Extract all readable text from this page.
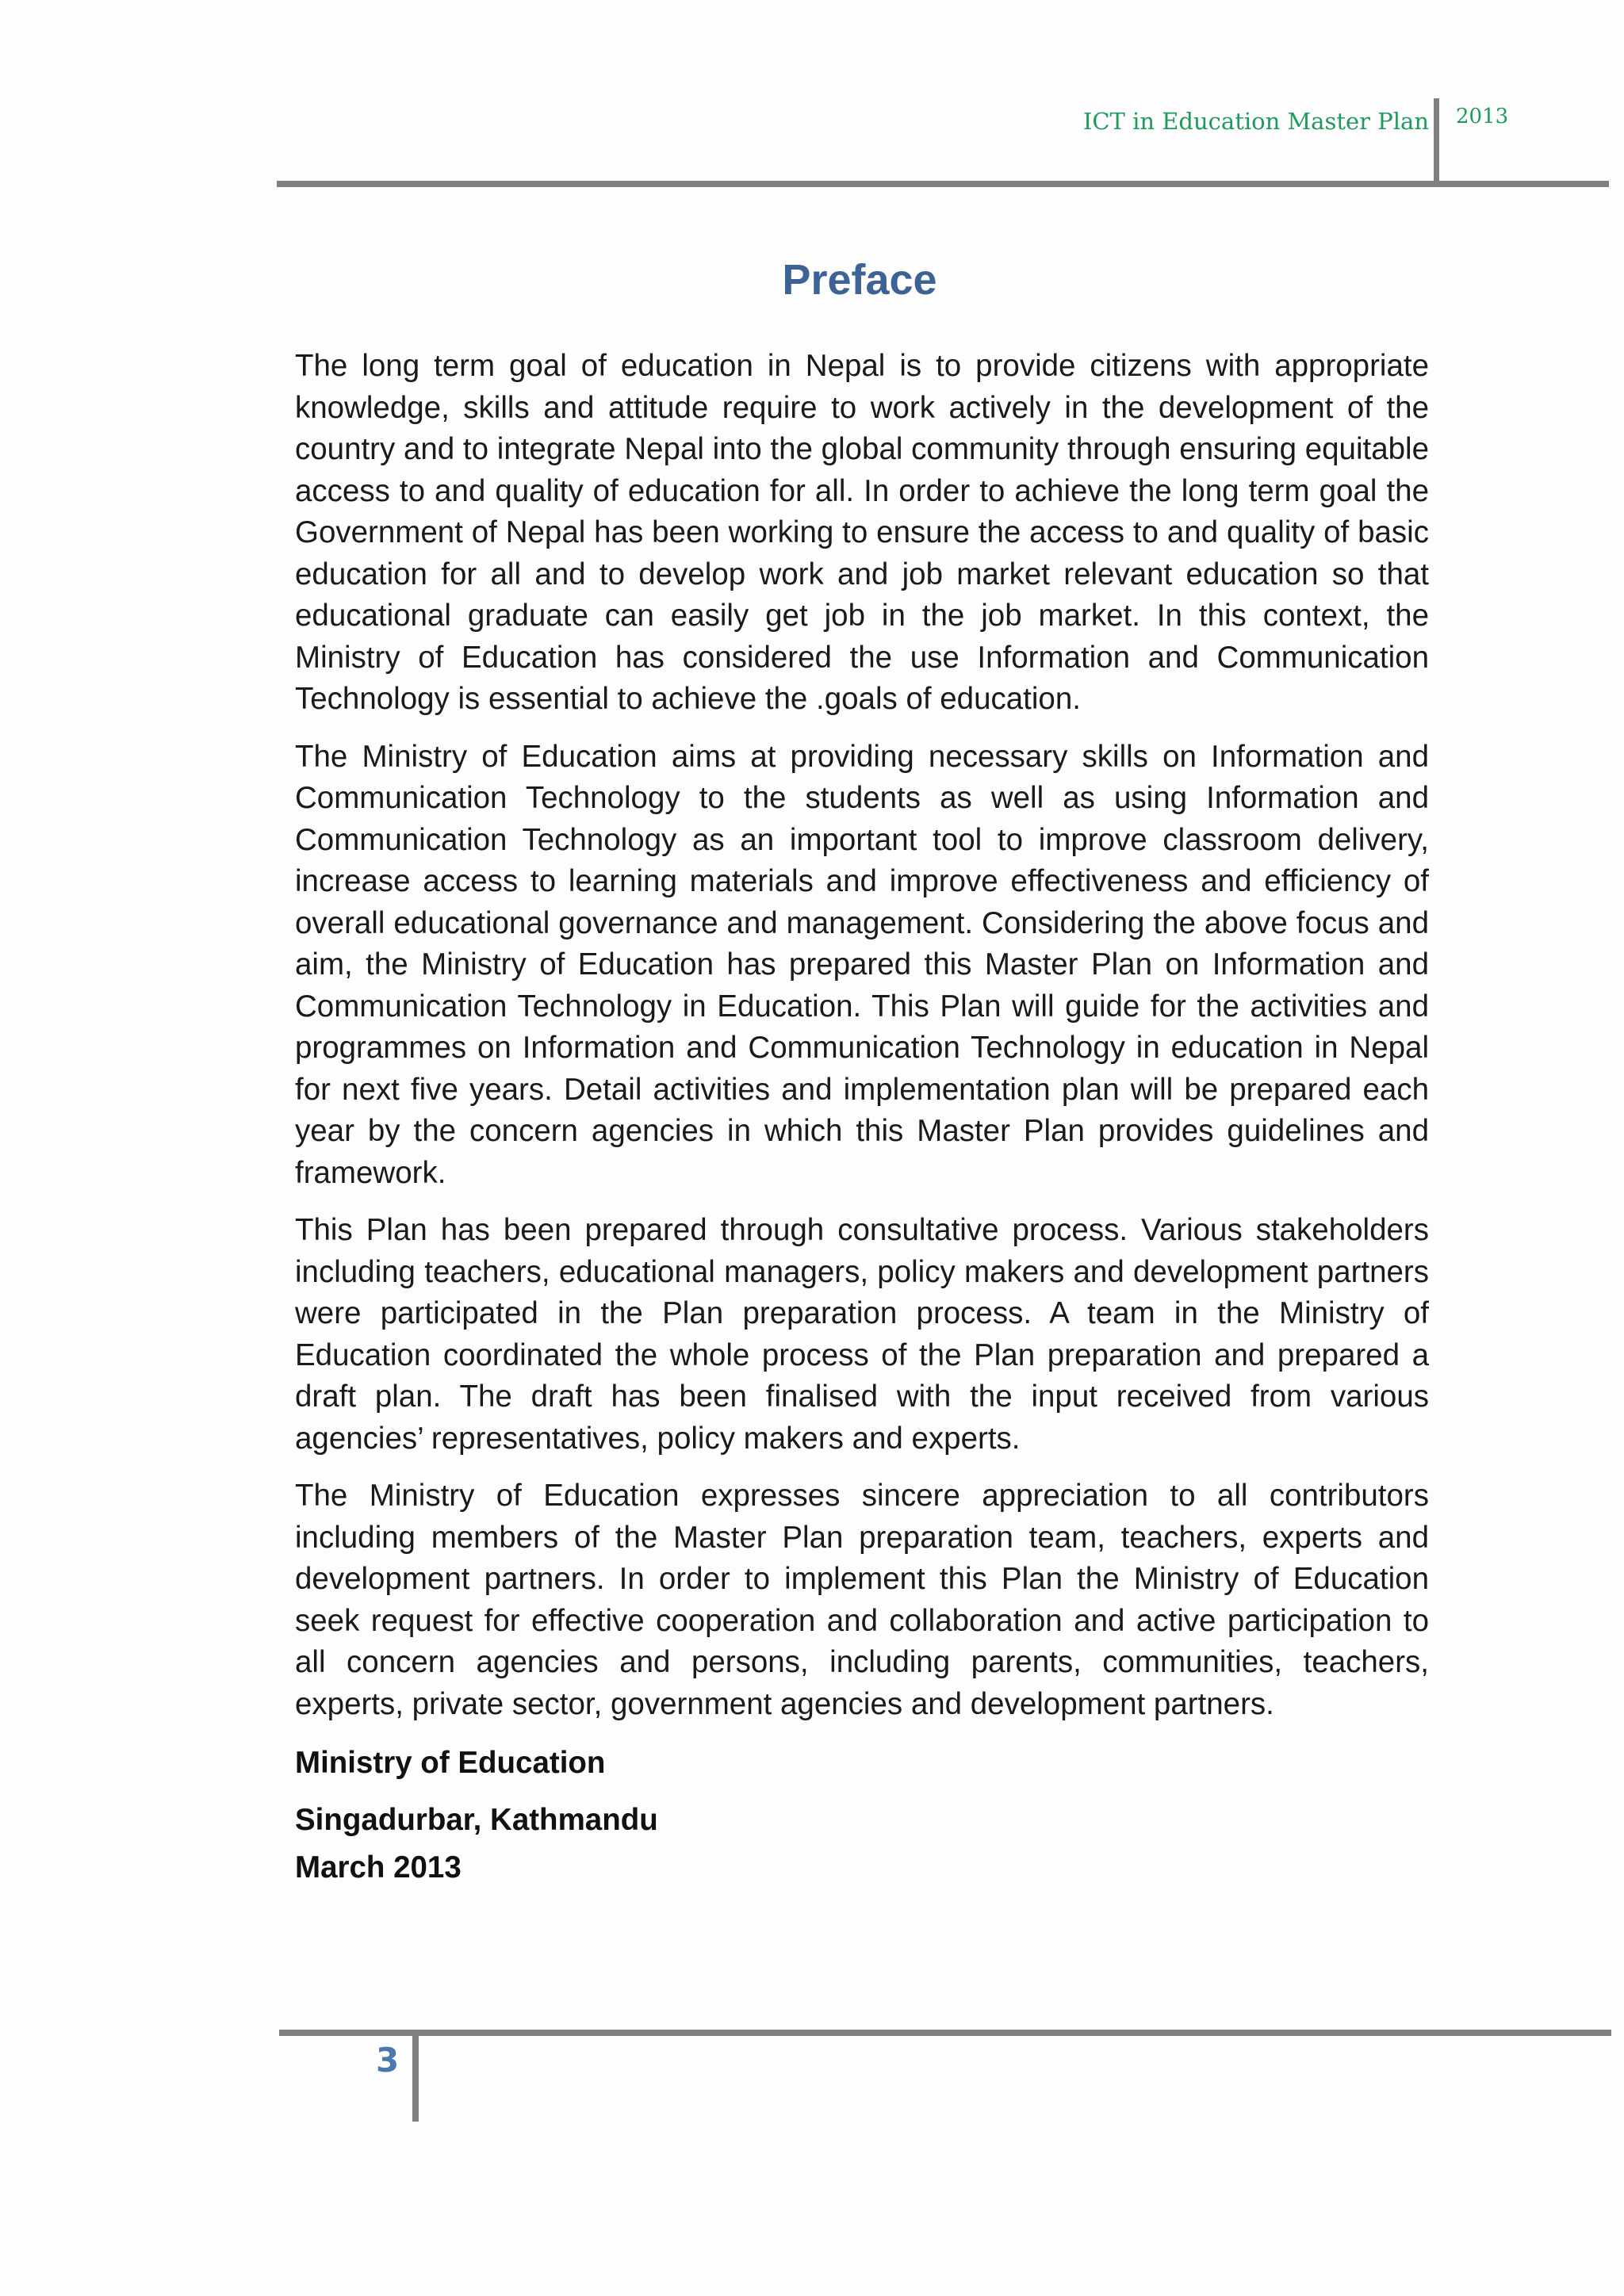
ICT in Education Master Plan 2013
Preface

The long term goal of education in Nepal is to provide citizens with appropriate knowledge, skills and attitude require to work actively in the development of the country and to integrate Nepal into the global community through ensuring equitable access to and quality of education for all. In order to achieve the long term goal the Government of Nepal has been working to ensure the access to and quality of basic education for all and to develop work and job market relevant education so that educational graduate can easily get job in the job market. In this context, the Ministry of Education has considered the use Information and Communication Technology is essential to achieve the .goals of education.

The Ministry of Education aims at providing necessary skills on Information and Communication Technology to the students as well as using Information and Communication Technology as an important tool to improve classroom delivery, increase access to learning materials and improve effectiveness and efficiency of overall educational governance and management. Considering the above focus and aim, the Ministry of Education has prepared this Master Plan on Information and Communication Technology in Education. This Plan will guide for the activities and programmes on Information and Communication Technology in education in Nepal for next five years. Detail activities and implementation plan will be prepared each year by the concern agencies in which this Master Plan provides guidelines and framework.

This Plan has been prepared through consultative process. Various stakeholders including teachers, educational managers, policy makers and development partners were participated in the Plan preparation process. A team in the Ministry of Education coordinated the whole process of the Plan preparation and prepared a draft plan. The draft has been finalised with the input received from various agencies’ representatives, policy makers and experts.

The Ministry of Education expresses sincere appreciation to all contributors including members of the Master Plan preparation team, teachers, experts and development partners. In order to implement this Plan the Ministry of Education seek request for effective cooperation and collaboration and active participation to all concern agencies and persons, including parents, communities, teachers, experts, private sector, government agencies and development partners.

Ministry of Education

Singadurbar, Kathmandu

March 2013

3
